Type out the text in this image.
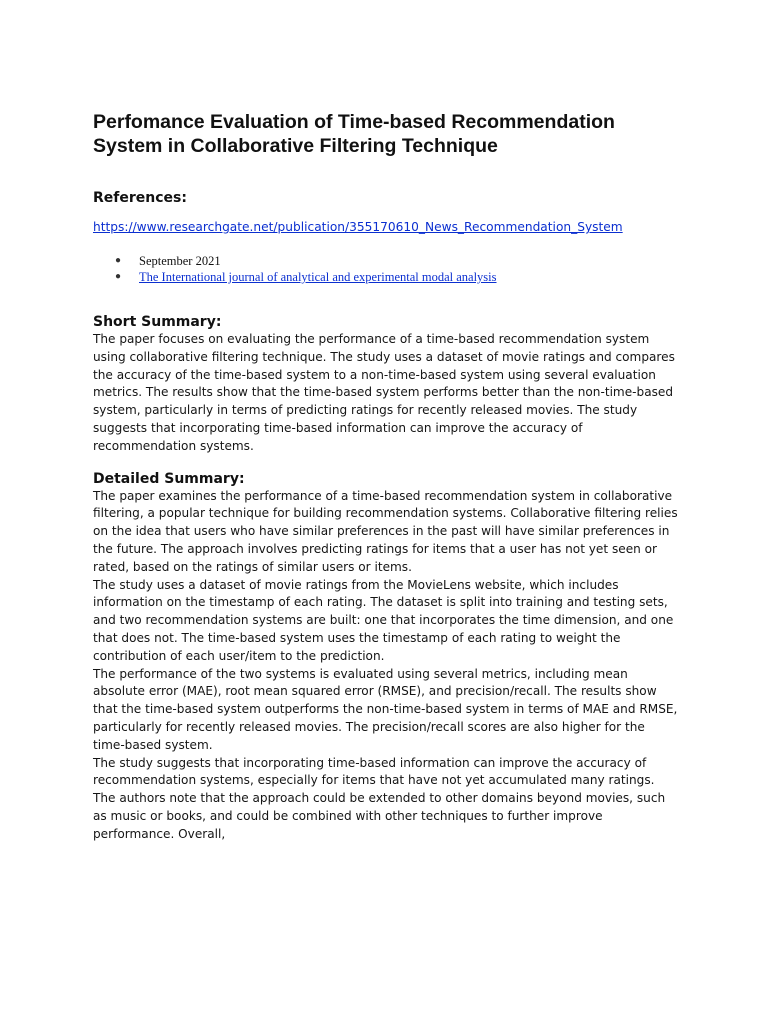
Perfomance Evaluation of Time-based Recommendation System in Collaborative Filtering Technique
References:
https://www.researchgate.net/publication/355170610_News_Recommendation_System
● September 2021
● The International journal of analytical and experimental modal analysis
Short Summary:

The paper focuses on evaluating the performance of a time-based recommendation system using collaborative filtering technique. The study uses a dataset of movie ratings and compares the accuracy of the time-based system to a non-time-based system using several evaluation metrics. The results show that the time-based system performs better than the non-time-based system, particularly in terms of predicting ratings for recently released movies. The study suggests that incorporating time-based information can improve the accuracy of recommendation systems.

Detailed Summary:

The paper examines the performance of a time-based recommendation system in collaborative filtering, a popular technique for building recommendation systems. Collaborative filtering relies on the idea that users who have similar preferences in the past will have similar preferences in the future. The approach involves predicting ratings for items that a user has not yet seen or rated, based on the ratings of similar users or items.

The study uses a dataset of movie ratings from the MovieLens website, which includes information on the timestamp of each rating. The dataset is split into training and testing sets, and two recommendation systems are built: one that incorporates the time dimension, and one that does not. The time-based system uses the timestamp of each rating to weight the contribution of each user/item to the prediction.

The performance of the two systems is evaluated using several metrics, including mean absolute error (MAE), root mean squared error (RMSE), and precision/recall. The results show that the time-based system outperforms the non-time-based system in terms of MAE and RMSE, particularly for recently released movies. The precision/recall scores are also higher for the time-based system.

The study suggests that incorporating time-based information can improve the accuracy of recommendation systems, especially for items that have not yet accumulated many ratings. The authors note that the approach could be extended to other domains beyond movies, such as music or books, and could be combined with other techniques to further improve performance. Overall,
